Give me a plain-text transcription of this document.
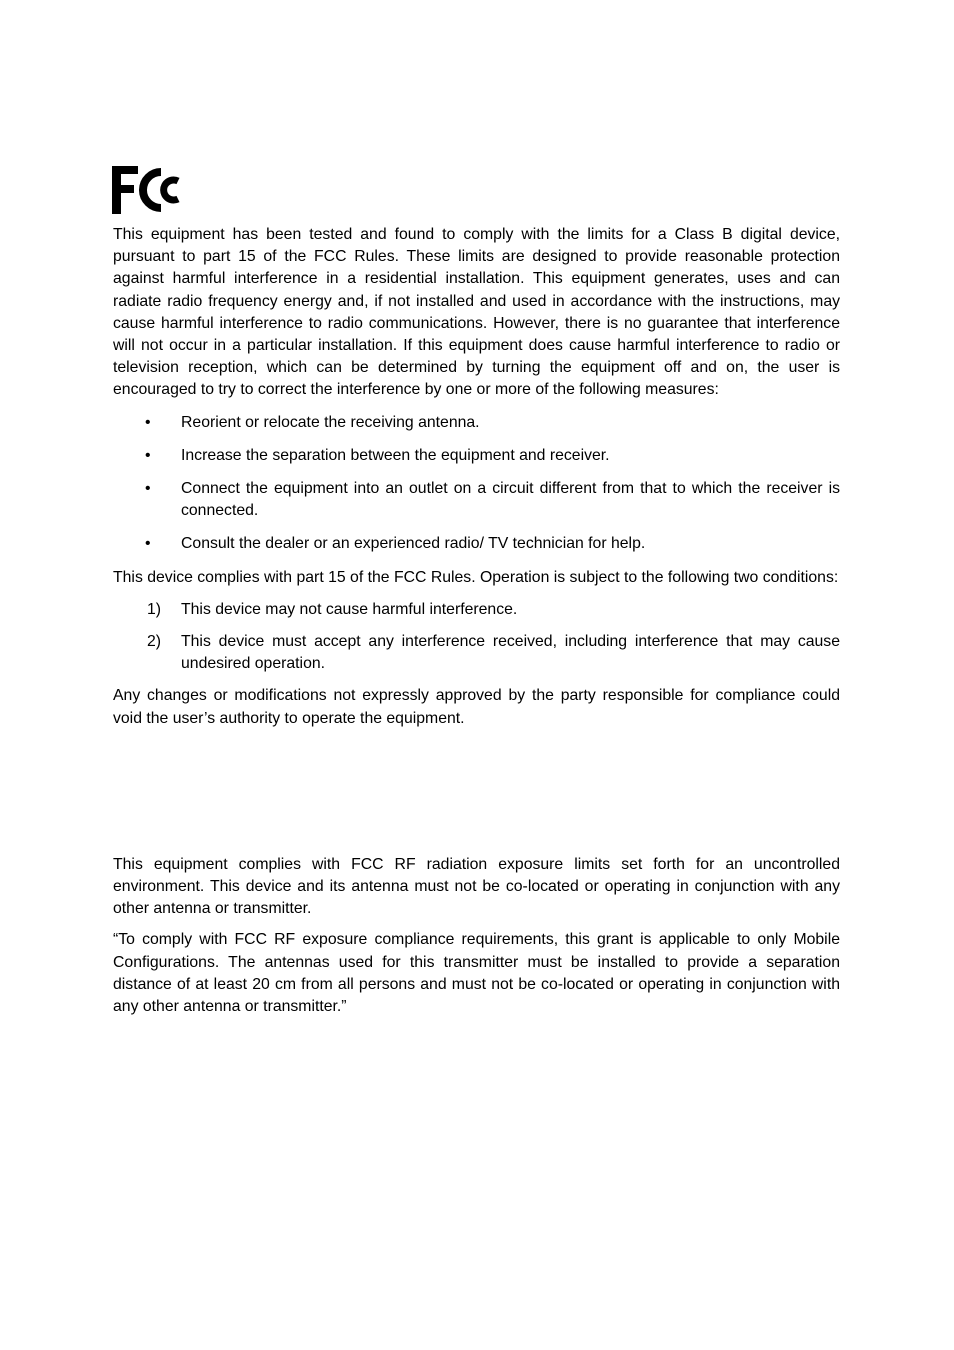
This equipment has been tested and found to comply with the limits for a Class B digital device, pursuant to part 15 of the FCC Rules. These limits are designed to provide reasonable protection against harmful interference in a residential installation. This equipment generates, uses and can radiate radio frequency energy and, if not installed and used in accordance with the instructions, may cause harmful interference to radio communications. However, there is no guarantee that interference will not occur in a particular installation. If this equipment does cause harmful interference to radio or television reception, which can be determined by turning the equipment off and on, the user is encouraged to try to correct the interference by one or more of the following measures:

• Reorient or relocate the receiving antenna.
• Increase the separation between the equipment and receiver.
• Connect the equipment into an outlet on a circuit different from that to which the receiver is connected.
• Consult the dealer or an experienced radio/ TV technician for help.

This device complies with part 15 of the FCC Rules. Operation is subject to the following two conditions:

1) This device may not cause harmful interference.
2) This device must accept any interference received, including interference that may cause undesired operation.

Any changes or modifications not expressly approved by the party responsible for compliance could void the user’s authority to operate the equipment.

This equipment complies with FCC RF radiation exposure limits set forth for an uncontrolled environment. This device and its antenna must not be co-located or operating in conjunction with any other antenna or transmitter.

“To comply with FCC RF exposure compliance requirements, this grant is applicable to only Mobile Configurations. The antennas used for this transmitter must be installed to provide a separation distance of at least 20 cm from all persons and must not be co-located or operating in conjunction with any other antenna or transmitter.”
